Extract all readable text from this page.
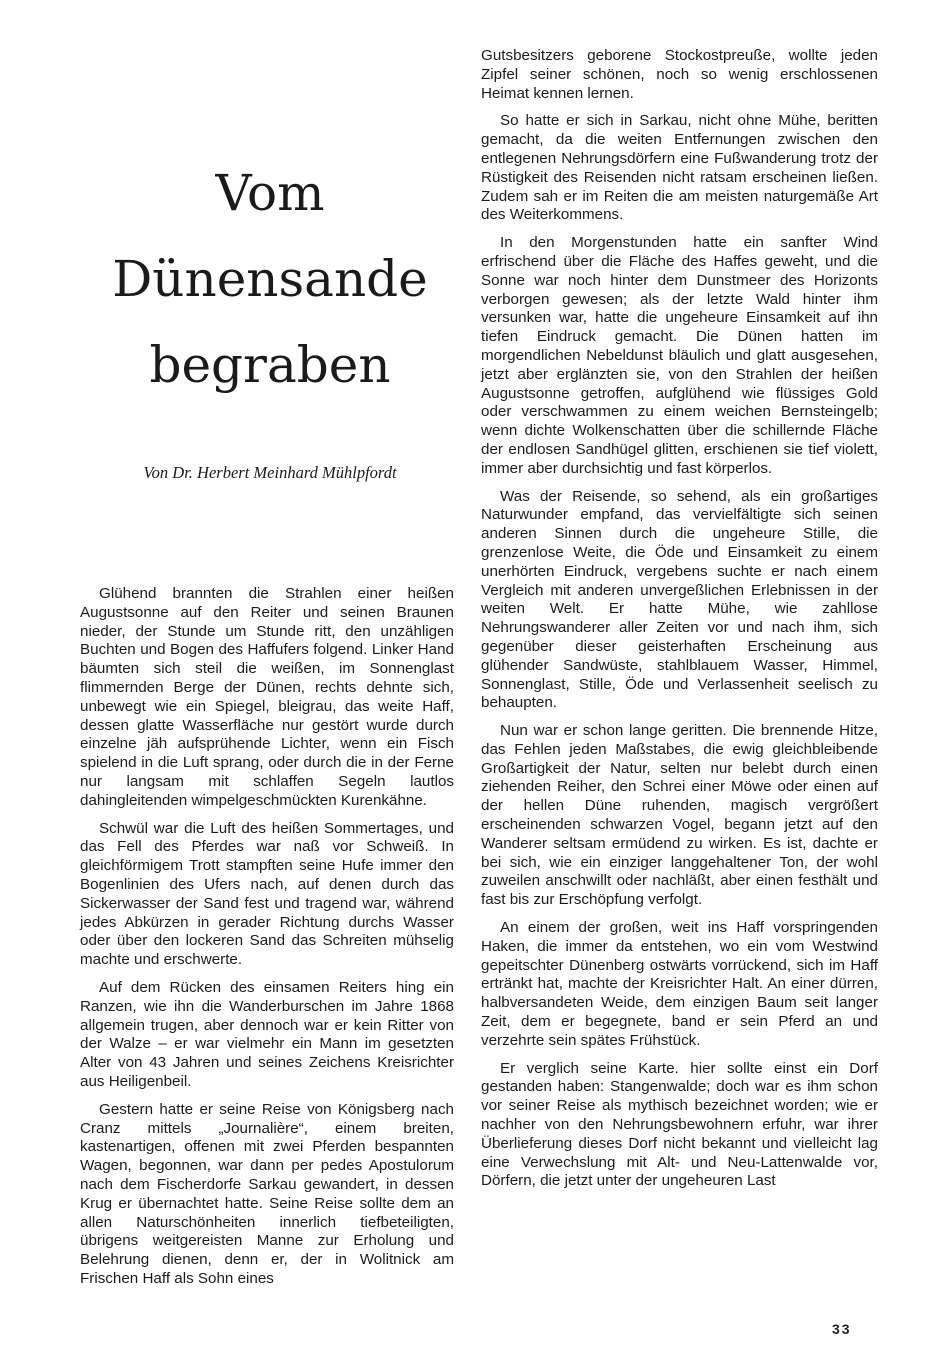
Vom
Dünensande
begraben
Von Dr. Herbert Meinhard Mühlpfordt

Glühend brannten die Strahlen einer heißen Augustsonne auf den Reiter und seinen Braunen nieder, der Stunde um Stunde ritt, den unzähligen Buchten und Bogen des Haffufers folgend. Linker Hand bäumten sich steil die weißen, im Sonnenglast flimmernden Berge der Dünen, rechts dehnte sich, unbewegt wie ein Spiegel, bleigrau, das weite Haff, dessen glatte Wasserfläche nur gestört wurde durch einzelne jäh aufsprühende Lichter, wenn ein Fisch spielend in die Luft sprang, oder durch die in der Ferne nur langsam mit schlaffen Segeln lautlos dahingleitenden wimpelgeschmückten Kurenkähne.

Schwül war die Luft des heißen Sommertages, und das Fell des Pferdes war naß vor Schweiß. In gleichförmigem Trott stampften seine Hufe immer den Bogenlinien des Ufers nach, auf denen durch das Sickerwasser der Sand fest und tragend war, während jedes Abkürzen in gerader Richtung durchs Wasser oder über den lockeren Sand das Schreiten mühselig machte und erschwerte.

Auf dem Rücken des einsamen Reiters hing ein Ranzen, wie ihn die Wanderburschen im Jahre 1868 allgemein trugen, aber dennoch war er kein Ritter von der Walze – er war vielmehr ein Mann im gesetzten Alter von 43 Jahren und seines Zeichens Kreisrichter aus Heiligenbeil.

Gestern hatte er seine Reise von Königsberg nach Cranz mittels „Journalière“, einem breiten, kastenartigen, offenen mit zwei Pferden bespannten Wagen, begonnen, war dann per pedes Apostulorum nach dem Fischerdorfe Sarkau gewandert, in dessen Krug er übernachtet hatte. Seine Reise sollte dem an allen Naturschönheiten innerlich tiefbeteiligten, übrigens weitgereisten Manne zur Erholung und Belehrung dienen, denn er, der in Wolitnick am Frischen Haff als Sohn eines

Gutsbesitzers geborene Stockostpreuße, wollte jeden Zipfel seiner schönen, noch so wenig erschlossenen Heimat kennen lernen.

So hatte er sich in Sarkau, nicht ohne Mühe, beritten gemacht, da die weiten Entfernungen zwischen den entlegenen Nehrungsdörfern eine Fußwanderung trotz der Rüstigkeit des Reisenden nicht ratsam erscheinen ließen. Zudem sah er im Reiten die am meisten naturgemäße Art des Weiterkommens.

In den Morgenstunden hatte ein sanfter Wind erfrischend über die Fläche des Haffes geweht, und die Sonne war noch hinter dem Dunstmeer des Horizonts verborgen gewesen; als der letzte Wald hinter ihm versunken war, hatte die ungeheure Einsamkeit auf ihn tiefen Eindruck gemacht. Die Dünen hatten im morgendlichen Nebeldunst bläulich und glatt ausgesehen, jetzt aber erglänzten sie, von den Strahlen der heißen Augustsonne getroffen, aufglühend wie flüssiges Gold oder verschwammen zu einem weichen Bernsteingelb; wenn dichte Wolkenschatten über die schillernde Fläche der endlosen Sandhügel glitten, erschienen sie tief violett, immer aber durchsichtig und fast körperlos.

Was der Reisende, so sehend, als ein großartiges Naturwunder empfand, das vervielfältigte sich seinen anderen Sinnen durch die ungeheure Stille, die grenzenlose Weite, die Öde und Einsamkeit zu einem unerhörten Eindruck, vergebens suchte er nach einem Vergleich mit anderen unvergeßlichen Erlebnissen in der weiten Welt. Er hatte Mühe, wie zahllose Nehrungswanderer aller Zeiten vor und nach ihm, sich gegenüber dieser geisterhaften Erscheinung aus glühender Sandwüste, stahlblauem Wasser, Himmel, Sonnenglast, Stille, Öde und Verlassenheit seelisch zu behaupten.

Nun war er schon lange geritten. Die brennende Hitze, das Fehlen jeden Maßstabes, die ewig gleichbleibende Großartigkeit der Natur, selten nur belebt durch einen ziehenden Reiher, den Schrei einer Möwe oder einen auf der hellen Düne ruhenden, magisch vergrößert erscheinenden schwarzen Vogel, begann jetzt auf den Wanderer seltsam ermüdend zu wirken. Es ist, dachte er bei sich, wie ein einziger langgehaltener Ton, der wohl zuweilen anschwillt oder nachläßt, aber einen festhält und fast bis zur Erschöpfung verfolgt.

An einem der großen, weit ins Haff vorspringenden Haken, die immer da entstehen, wo ein vom Westwind gepeitschter Dünenberg ostwärts vorrückend, sich im Haff ertränkt hat, machte der Kreisrichter Halt. An einer dürren, halbversandeten Weide, dem einzigen Baum seit langer Zeit, dem er begegnete, band er sein Pferd an und verzehrte sein spätes Frühstück.

Er verglich seine Karte. hier sollte einst ein Dorf gestanden haben: Stangenwalde; doch war es ihm schon vor seiner Reise als mythisch bezeichnet worden; wie er nachher von den Nehrungsbewohnern erfuhr, war ihrer Überlieferung dieses Dorf nicht bekannt und vielleicht lag eine Verwechslung mit Alt- und Neu-Lattenwalde vor, Dörfern, die jetzt unter der ungeheuren Last

33
